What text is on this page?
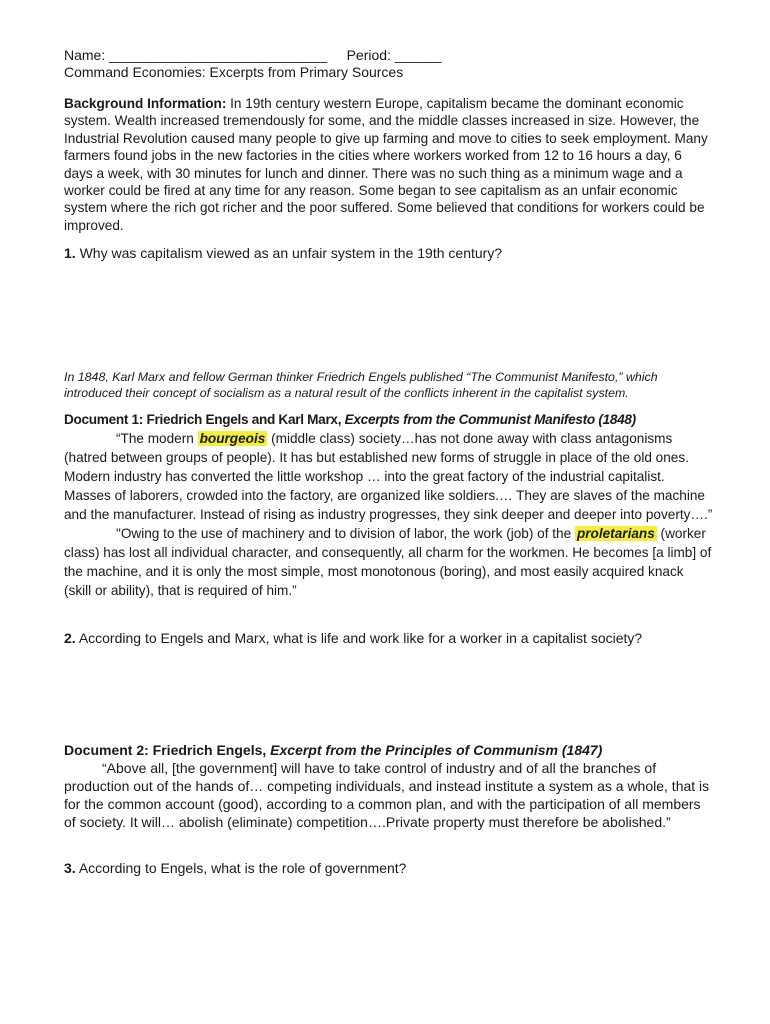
Name: ____________________________ Period: ______

Command Economies: Excerpts from Primary Sources

Background Information: In 19th century western Europe, capitalism became the dominant economic system. Wealth increased tremendously for some, and the middle classes increased in size. However, the Industrial Revolution caused many people to give up farming and move to cities to seek employment. Many farmers found jobs in the new factories in the cities where workers worked from 12 to 16 hours a day, 6 days a week, with 30 minutes for lunch and dinner. There was no such thing as a minimum wage and a worker could be fired at any time for any reason. Some began to see capitalism as an unfair economic system where the rich got richer and the poor suffered. Some believed that conditions for workers could be improved.

1. Why was capitalism viewed as an unfair system in the 19th century?

In 1848, Karl Marx and fellow German thinker Friedrich Engels published “The Communist Manifesto,” which introduced their concept of socialism as a natural result of the conflicts inherent in the capitalist system.

Document 1: Friedrich Engels and Karl Marx, Excerpts from the Communist Manifesto (1848)

“The modern bourgeois (middle class) society…has not done away with class antagonisms (hatred between groups of people). It has but established new forms of struggle in place of the old ones. Modern industry has converted the little workshop … into the great factory of the industrial capitalist. Masses of laborers, crowded into the factory, are organized like soldiers.… They are slaves of the machine and the manufacturer. Instead of rising as industry progresses, they sink deeper and deeper into poverty….”

"Owing to the use of machinery and to division of labor, the work (job) of the proletarians (worker class) has lost all individual character, and consequently, all charm for the workmen. He becomes [a limb] of the machine, and it is only the most simple, most monotonous (boring), and most easily acquired knack (skill or ability), that is required of him.”

2. According to Engels and Marx, what is life and work like for a worker in a capitalist society?

Document 2: Friedrich Engels, Excerpt from the Principles of Communism (1847)

“Above all, [the government] will have to take control of industry and of all the branches of production out of the hands of… competing individuals, and instead institute a system as a whole, that is for the common account (good), according to a common plan, and with the participation of all members of society. It will… abolish (eliminate) competition….Private property must therefore be abolished.”

3. According to Engels, what is the role of government?
